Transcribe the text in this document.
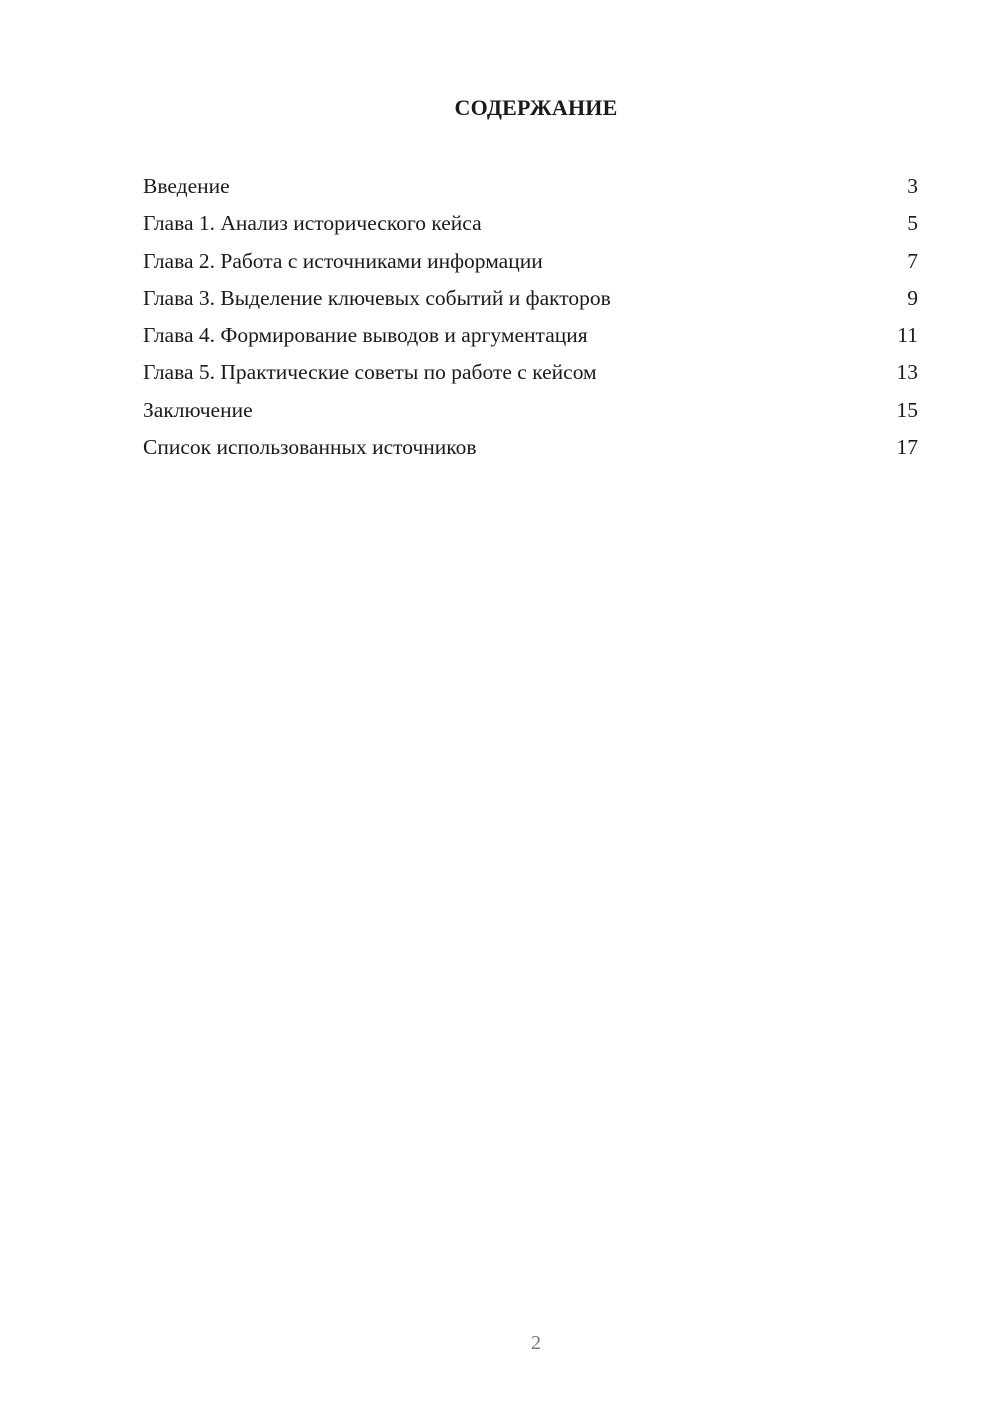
СОДЕРЖАНИЕ
Введение	3
Глава 1. Анализ исторического кейса	5
Глава 2. Работа с источниками информации	7
Глава 3. Выделение ключевых событий и факторов	9
Глава 4. Формирование выводов и аргументация	11
Глава 5. Практические советы по работе с кейсом	13
Заключение	15
Список использованных источников	17
2
